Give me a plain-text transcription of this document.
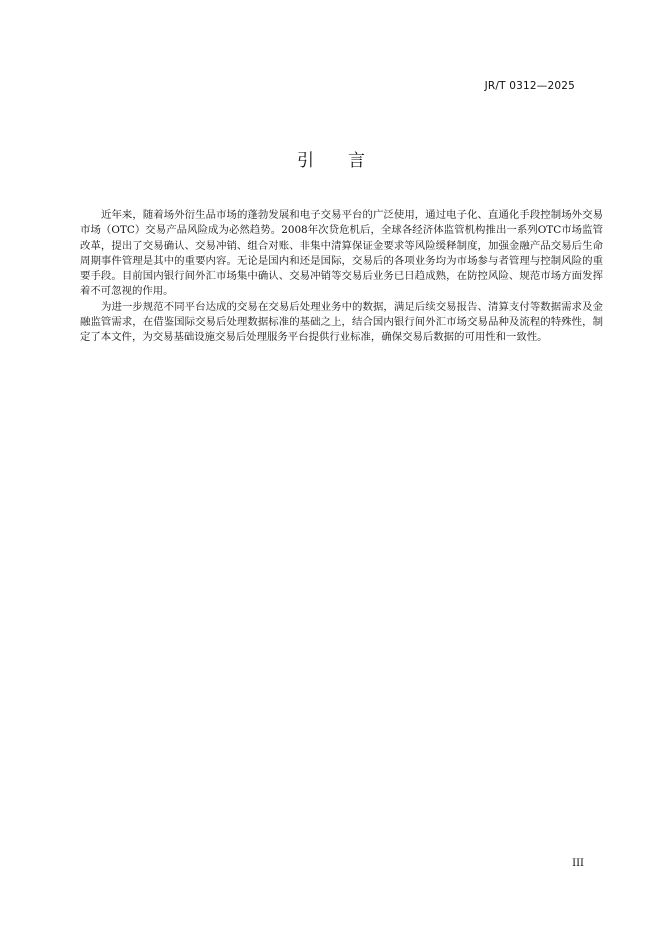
JR/T 0312—2025
引言

近年来，随着场外衍生品市场的蓬勃发展和电子交易平台的广泛使用，通过电子化、直通化手段控制场外交易市场（OTC）交易产品风险成为必然趋势。2008年次贷危机后，全球各经济体监管机构推出一系列OTC市场监管改革，提出了交易确认、交易冲销、组合对账、非集中清算保证金要求等风险缓释制度，加强金融产品交易后生命周期事件管理是其中的重要内容。无论是国内和还是国际，交易后的各项业务均为市场参与者管理与控制风险的重要手段。目前国内银行间外汇市场集中确认、交易冲销等交易后业务已日趋成熟，在防控风险、规范市场方面发挥着不可忽视的作用。

为进一步规范不同平台达成的交易在交易后处理业务中的数据，满足后续交易报告、清算支付等数据需求及金融监管需求，在借鉴国际交易后处理数据标准的基础之上，结合国内银行间外汇市场交易品种及流程的特殊性，制定了本文件，为交易基础设施交易后处理服务平台提供行业标准，确保交易后数据的可用性和一致性。

III
